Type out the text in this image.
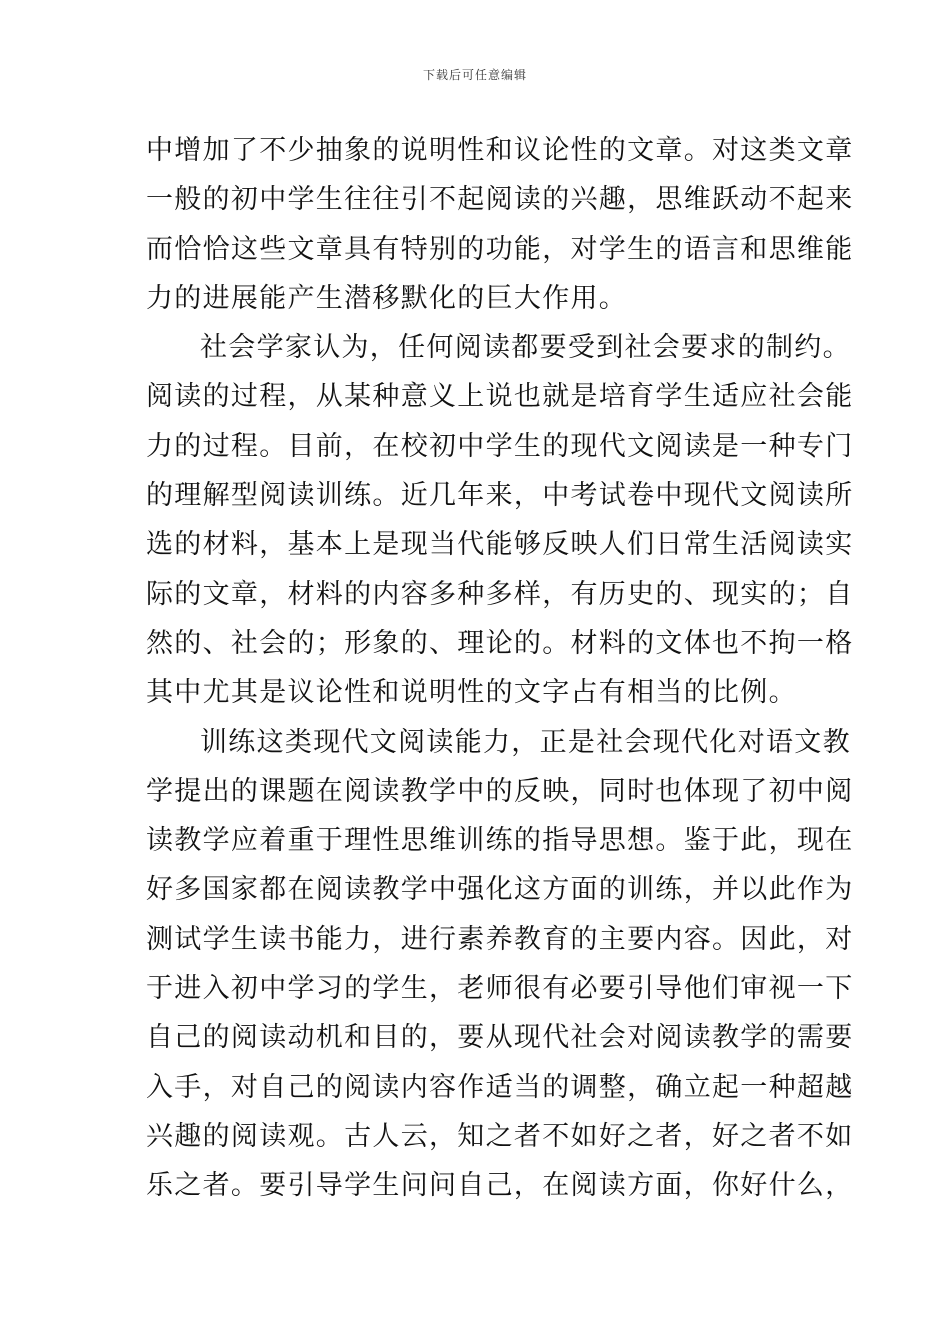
下载后可任意编辑
中增加了不少抽象的说明性和议论性的文章。对这类文章
一般的初中学生往往引不起阅读的兴趣，思维跃动不起来
而恰恰这些文章具有特别的功能，对学生的语言和思维能
力的进展能产生潜移默化的巨大作用。
社会学家认为，任何阅读都要受到社会要求的制约。
阅读的过程，从某种意义上说也就是培育学生适应社会能
力的过程。目前，在校初中学生的现代文阅读是一种专门
的理解型阅读训练。近几年来，中考试卷中现代文阅读所
选的材料，基本上是现当代能够反映人们日常生活阅读实
际的文章，材料的内容多种多样，有历史的、现实的；自
然的、社会的；形象的、理论的。材料的文体也不拘一格
其中尤其是议论性和说明性的文字占有相当的比例。
训练这类现代文阅读能力，正是社会现代化对语文教
学提出的课题在阅读教学中的反映，同时也体现了初中阅
读教学应着重于理性思维训练的指导思想。鉴于此，现在
好多国家都在阅读教学中强化这方面的训练，并以此作为
测试学生读书能力，进行素养教育的主要内容。因此，对
于进入初中学习的学生，老师很有必要引导他们审视一下
自己的阅读动机和目的，要从现代社会对阅读教学的需要
入手，对自己的阅读内容作适当的调整，确立起一种超越
兴趣的阅读观。古人云，知之者不如好之者，好之者不如
乐之者。要引导学生问问自己，在阅读方面，你好什么，
